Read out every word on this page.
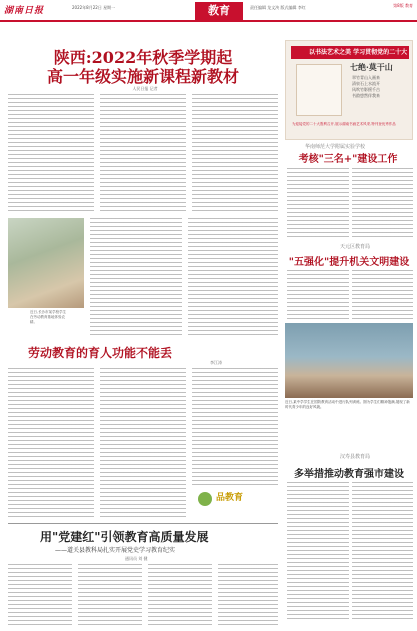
湖南日报	2022年8月22日 星期一	教育	责任编辑 龙文泱 版式编辑 李红	第8版 教育
陕西:2022年秋季学期起
高一年级实施新课程新教材
人民日报 记者
近日,长沙市某学校学生在劳动教育基地体验农耕。
以书法艺术之美 学习贯彻党的二十大
七绝·莫干山
翠竹青山入画来
清泉石上水流开
风吹竹影摇千古
书韵悠然伴我来
为迎接党的二十大胜利召开,展示湖南书画艺术风采,特刊登优秀作品
华南师范大学附属实验学校
考核"三名+"建设工作
天元区教育局
"五强化"提升机关文明建设
近日,某中学学生在国防教育活动中进行队列训练。图为学生们精神饱满,展现了新时代青少年的良好风貌。
汉寿县教育局
多举措推动教育强市建设
劳动教育的育人功能不能丢
李江涛
品教育
用"党建红"引领教育高质量发展
——道关县教科局扎实开展党史学习教育纪实
通讯员 刘 健
